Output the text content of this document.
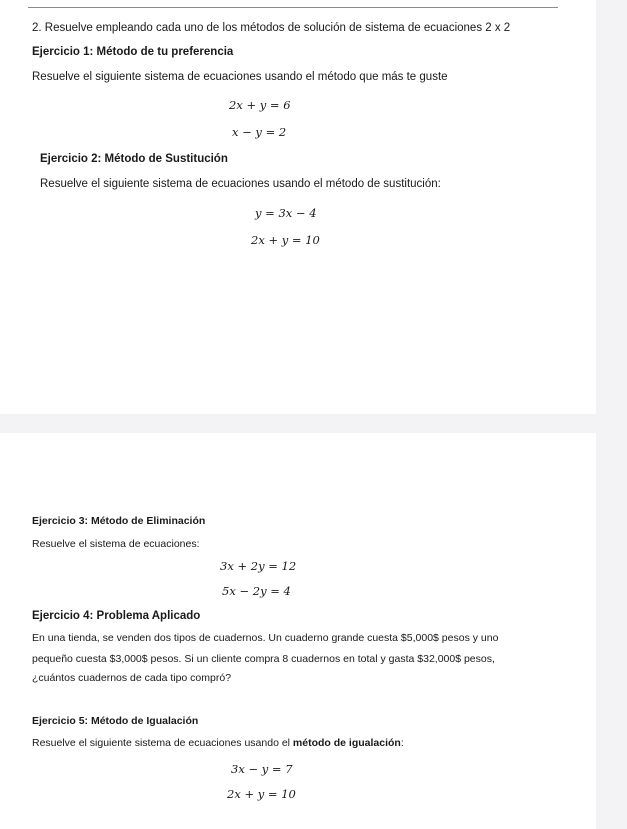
2. Resuelve empleando cada uno de los métodos de solución de sistema de ecuaciones 2 x 2
Ejercicio 1: Método de tu preferencia
Resuelve el siguiente sistema de ecuaciones usando el método que más te guste
2x + y = 6
x − y = 2
Ejercicio 2: Método de Sustitución
Resuelve el siguiente sistema de ecuaciones usando el método de sustitución:
y = 3x − 4
2x + y = 10
Ejercicio 3: Método de Eliminación
Resuelve el sistema de ecuaciones:
3x + 2y = 12
5x − 2y = 4
Ejercicio 4: Problema Aplicado
En una tienda, se venden dos tipos de cuadernos. Un cuaderno grande cuesta $5,000$ pesos y uno
pequeño cuesta $3,000$ pesos. Si un cliente compra 8 cuadernos en total y gasta $32,000$ pesos,
¿cuántos cuadernos de cada tipo compró?
Ejercicio 5: Método de Igualación
Resuelve el siguiente sistema de ecuaciones usando el método de igualación:
3x − y = 7
2x + y = 10
